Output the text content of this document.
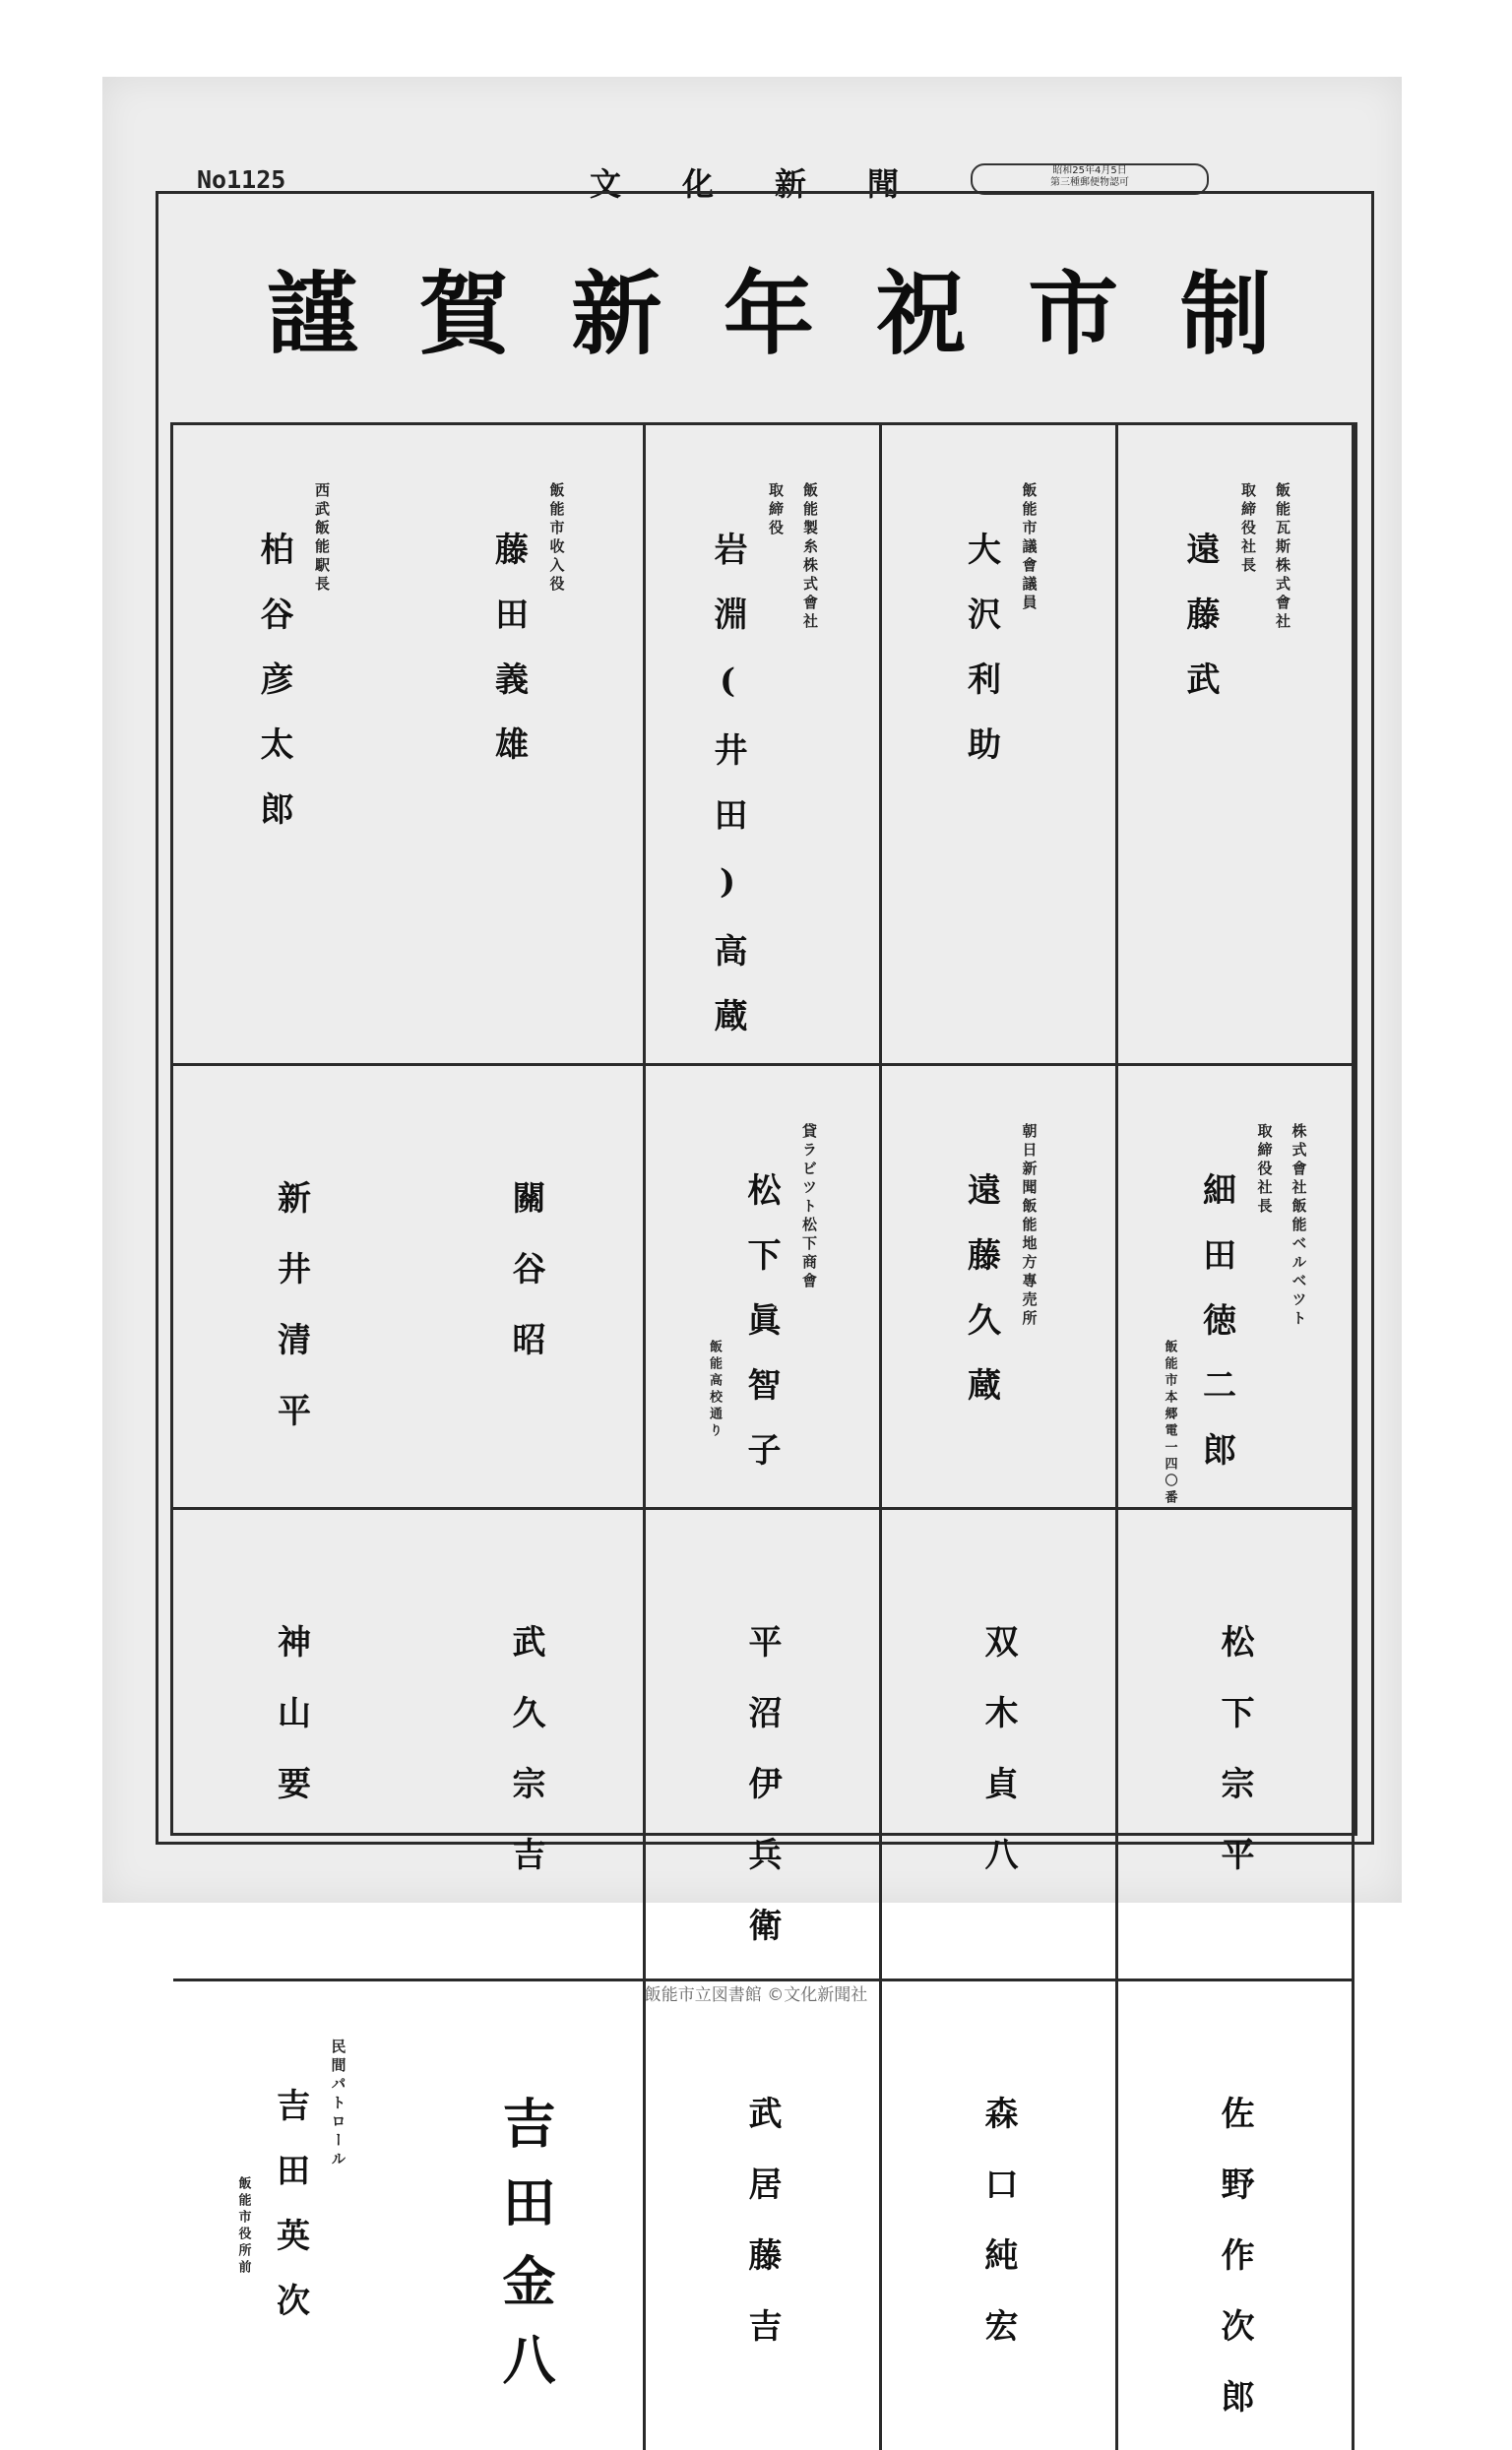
No1125	文化新聞	昭和25年4月5日
第三種郵便物認可
制
市
祝
年
新
賀
謹
西武飯能駅長
柏谷彦太郎	飯能市收入役
藤田義雄	飯能製糸株式會社
取締役
岩淵(井田)高蔵	飯能市議會議員
大沢利助	飯能瓦斯株式會社
取締役社長
遠藤武
新井清平	關谷昭	貸ラビツト松下商會
松下眞智子
飯能高校通り
朝日新聞飯能地方專売所
遠藤久蔵	株式會社飯能ベルベツト
取締役社長
細田徳二郎
飯能市本郷電一四〇番
神山要	武久宗吉	平沼伊兵衛	双木貞八	松下宗平
民間パトロール
吉田英次
飯能市役所前	吉田金八	武居藤吉	森口純宏	佐野作次郎
飯能市立図書館 ©文化新聞社
